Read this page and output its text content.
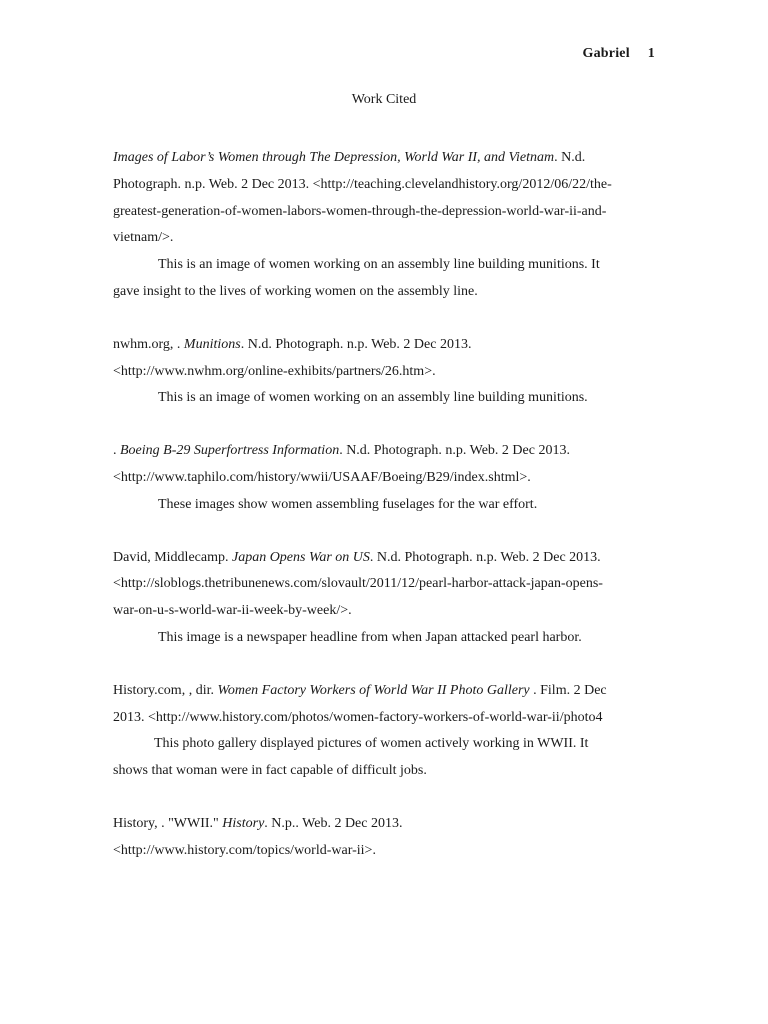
Gabriel 1
Work Cited
Images of Labor’s Women through The Depression, World War II, and Vietnam. N.d.
Photograph. n.p. Web. 2 Dec 2013. <http://teaching.clevelandhistory.org/2012/06/22/the-
greatest-generation-of-women-labors-women-through-the-depression-world-war-ii-and-
vietnam/>.
This is an image of women working on an assembly line building munitions. It
gave insight to the lives of working women on the assembly line.
nwhm.org, . Munitions. N.d. Photograph. n.p. Web. 2 Dec 2013.
<http://www.nwhm.org/online-exhibits/partners/26.htm>.
This is an image of women working on an assembly line building munitions.
. Boeing B-29 Superfortress Information. N.d. Photograph. n.p. Web. 2 Dec 2013.
<http://www.taphilo.com/history/wwii/USAAF/Boeing/B29/index.shtml>.
These images show women assembling fuselages for the war effort.
David, Middlecamp. Japan Opens War on US. N.d. Photograph. n.p. Web. 2 Dec 2013.
<http://sloblogs.thetribunenews.com/slovault/2011/12/pearl-harbor-attack-japan-opens-
war-on-u-s-world-war-ii-week-by-week/>.
This image is a newspaper headline from when Japan attacked pearl harbor.
History.com, , dir. Women Factory Workers of World War II Photo Gallery . Film. 2 Dec
2013. <http://www.history.com/photos/women-factory-workers-of-world-war-ii/photo4
This photo gallery displayed pictures of women actively working in WWII. It
shows that woman were in fact capable of difficult jobs.
History, . "WWII." History. N.p.. Web. 2 Dec 2013.
<http://www.history.com/topics/world-war-ii>.
